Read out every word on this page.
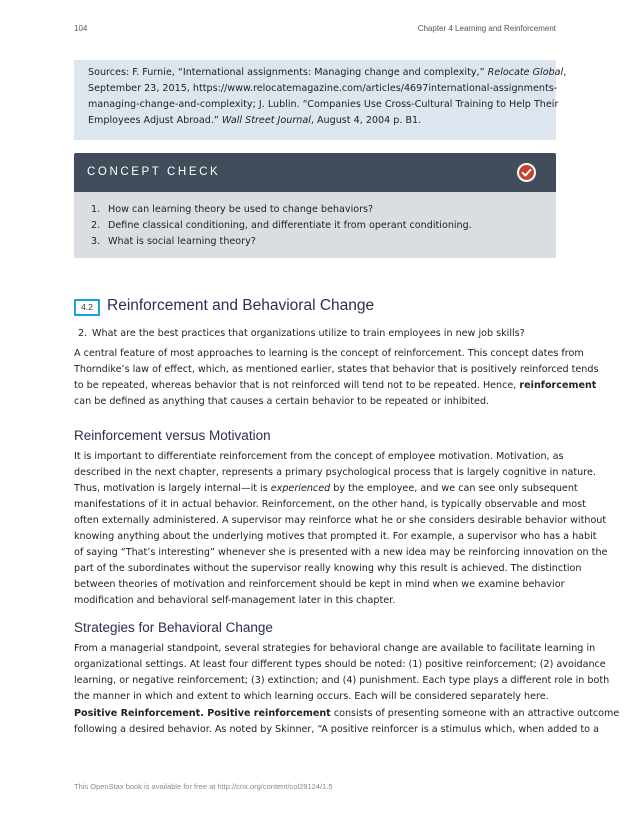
104	Chapter 4 Learning and Reinforcement
Sources: F. Furnie, “International assignments: Managing change and complexity,” Relocate Global,
September 23, 2015, https://www.relocatemagazine.com/articles/4697international-assignments-
managing-change-and-complexity; J. Lublin. “Companies Use Cross-Cultural Training to Help Their
Employees Adjust Abroad.” Wall Street Journal, August 4, 2004 p. B1.
CONCEPT CHECK
1. How can learning theory be used to change behaviors?
2. Define classical conditioning, and differentiate it from operant conditioning.
3. What is social learning theory?
4.2 Reinforcement and Behavioral Change
2. What are the best practices that organizations utilize to train employees in new job skills?
A central feature of most approaches to learning is the concept of reinforcement. This concept dates from
Thorndike’s law of effect, which, as mentioned earlier, states that behavior that is positively reinforced tends
to be repeated, whereas behavior that is not reinforced will tend not to be repeated. Hence, reinforcement
can be defined as anything that causes a certain behavior to be repeated or inhibited.
Reinforcement versus Motivation
It is important to differentiate reinforcement from the concept of employee motivation. Motivation, as
described in the next chapter, represents a primary psychological process that is largely cognitive in nature.
Thus, motivation is largely internal—it is experienced by the employee, and we can see only subsequent
manifestations of it in actual behavior. Reinforcement, on the other hand, is typically observable and most
often externally administered. A supervisor may reinforce what he or she considers desirable behavior without
knowing anything about the underlying motives that prompted it. For example, a supervisor who has a habit
of saying “That’s interesting” whenever she is presented with a new idea may be reinforcing innovation on the
part of the subordinates without the supervisor really knowing why this result is achieved. The distinction
between theories of motivation and reinforcement should be kept in mind when we examine behavior
modification and behavioral self-management later in this chapter.
Strategies for Behavioral Change
From a managerial standpoint, several strategies for behavioral change are available to facilitate learning in
organizational settings. At least four different types should be noted: (1) positive reinforcement; (2) avoidance
learning, or negative reinforcement; (3) extinction; and (4) punishment. Each type plays a different role in both
the manner in which and extent to which learning occurs. Each will be considered separately here.
Positive Reinforcement. Positive reinforcement consists of presenting someone with an attractive outcome
following a desired behavior. As noted by Skinner, “A positive reinforcer is a stimulus which, when added to a
This OpenStax book is available for free at http://cnx.org/content/col29124/1.5
